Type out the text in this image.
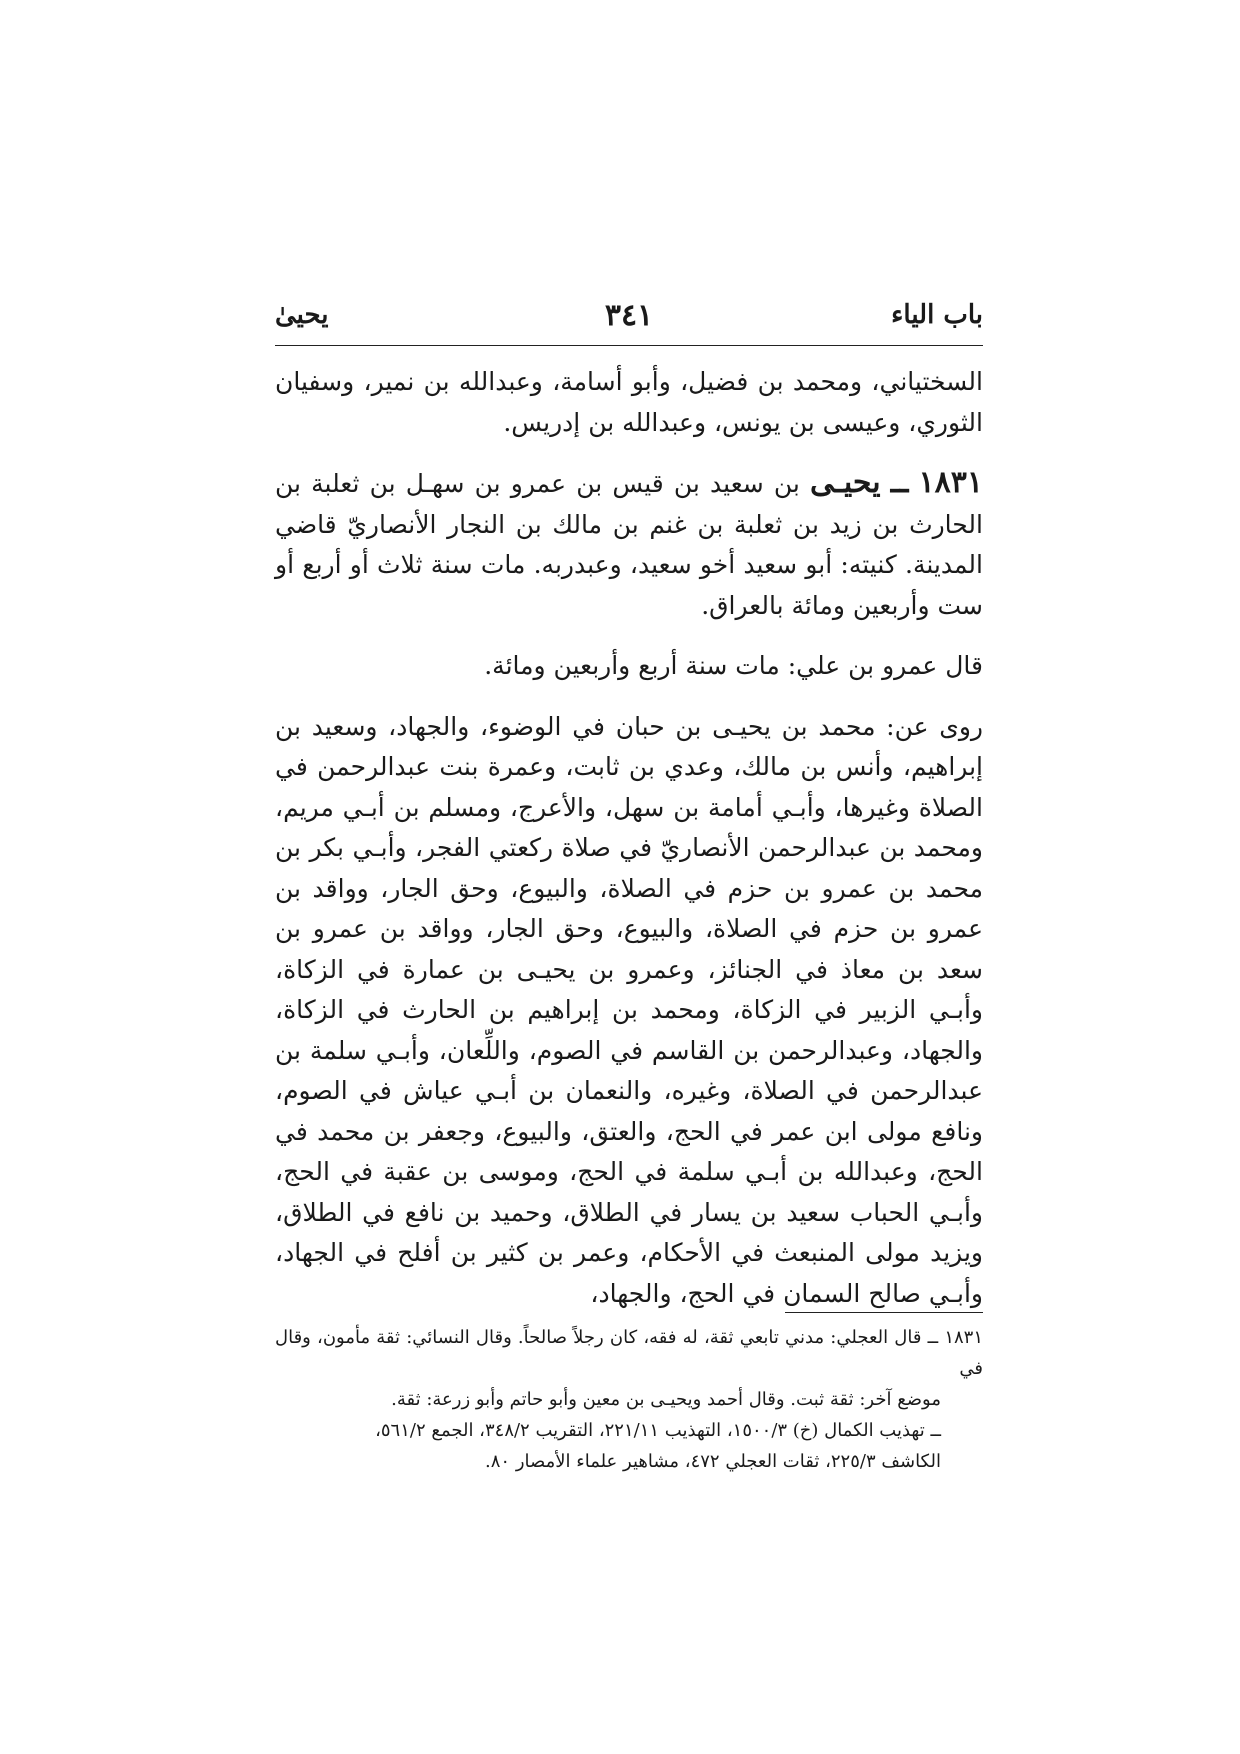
باب الياء
٣٤١
يحيىٰ

السختياني، ومحمد بن فضيل، وأبو أسامة، وعبدالله بن نمير، وسفيان الثوري، وعيسى بن يونس، وعبدالله بن إدريس.

١٨٣١ ــ يحيـى بن سعيد بن قيس بن عمرو بن سهـل بن ثعلبة بن الحارث بن زيد بن ثعلبة بن غنم بن مالك بن النجار الأنصاريّ قاضي المدينة. كنيته: أبو سعيد أخو سعيد، وعبدربه. مات سنة ثلاث أو أربع أو ست وأربعين ومائة بالعراق.

قال عمرو بن علي: مات سنة أربع وأربعين ومائة.

روى عن: محمد بن يحيـى بن حبان في الوضوء، والجهاد، وسعيد بن إبراهيم، وأنس بن مالك، وعدي بن ثابت، وعمرة بنت عبدالرحمن في الصلاة وغيرها، وأبـي أمامة بن سهل، والأعرج، ومسلم بن أبـي مريم، ومحمد بن عبدالرحمن الأنصاريّ في صلاة ركعتي الفجر، وأبـي بكر بن محمد بن عمرو بن حزم في الصلاة، والبيوع، وحق الجار، وواقد بن عمرو بن حزم في الصلاة، والبيوع، وحق الجار، وواقد بن عمرو بن سعد بن معاذ في الجنائز، وعمرو بن يحيـى بن عمارة في الزكاة، وأبـي الزبير في الزكاة، ومحمد بن إبراهيم بن الحارث في الزكاة، والجهاد، وعبدالرحمن بن القاسم في الصوم، واللِّعان، وأبـي سلمة بن عبدالرحمن في الصلاة، وغيره، والنعمان بن أبـي عياش في الصوم، ونافع مولى ابن عمر في الحج، والعتق، والبيوع، وجعفر بن محمد في الحج، وعبدالله بن أبـي سلمة في الحج، وموسى بن عقبة في الحج، وأبـي الحباب سعيد بن يسار في الطلاق، وحميد بن نافع في الطلاق، ويزيد مولى المنبعث في الأحكام، وعمر بن كثير بن أفلح في الجهاد، وأبـي صالح السمان في الحج، والجهاد،

١٨٣١ ــ قال العجلي: مدني تابعي ثقة، له فقه، كان رجلاً صالحاً. وقال النسائي: ثقة مأمون، وقال في

موضع آخر: ثقة ثبت. وقال أحمد ويحيـى بن معين وأبو حاتم وأبو زرعة: ثقة.

ــ تهذيب الكمال (خ) ١٥٠٠/٣، التهذيب ٢٢١/١١، التقريب ٣٤٨/٢، الجمع ٥٦١/٢،

الكاشف ٢٢٥/٣، ثقات العجلي ٤٧٢، مشاهير علماء الأمصار ٨٠.
